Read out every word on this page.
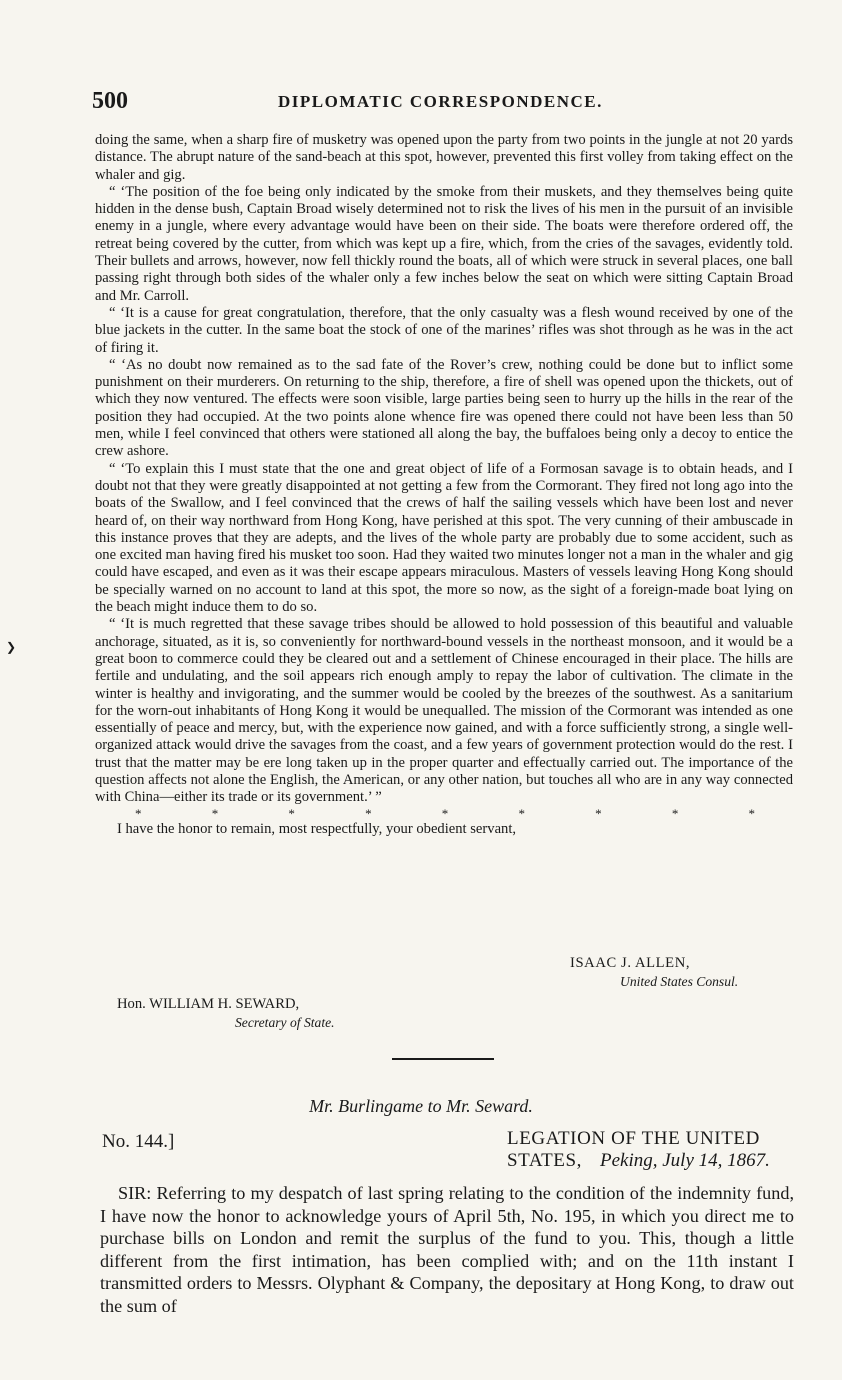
500	DIPLOMATIC CORRESPONDENCE.
❯

doing the same, when a sharp fire of musketry was opened upon the party from two points in the jungle at not 20 yards distance. The abrupt nature of the sand-beach at this spot, however, prevented this first volley from taking effect on the whaler and gig.

“ ‘The position of the foe being only indicated by the smoke from their muskets, and they themselves being quite hidden in the dense bush, Captain Broad wisely determined not to risk the lives of his men in the pursuit of an invisible enemy in a jungle, where every advantage would have been on their side. The boats were therefore ordered off, the retreat being covered by the cutter, from which was kept up a fire, which, from the cries of the savages, evidently told. Their bullets and arrows, however, now fell thickly round the boats, all of which were struck in several places, one ball passing right through both sides of the whaler only a few inches below the seat on which were sitting Captain Broad and Mr. Carroll.

“ ‘It is a cause for great congratulation, therefore, that the only casualty was a flesh wound received by one of the blue jackets in the cutter. In the same boat the stock of one of the marines’ rifles was shot through as he was in the act of firing it.

“ ‘As no doubt now remained as to the sad fate of the Rover’s crew, nothing could be done but to inflict some punishment on their murderers. On returning to the ship, therefore, a fire of shell was opened upon the thickets, out of which they now ventured. The effects were soon visible, large parties being seen to hurry up the hills in the rear of the position they had occupied. At the two points alone whence fire was opened there could not have been less than 50 men, while I feel convinced that others were stationed all along the bay, the buffaloes being only a decoy to entice the crew ashore.

“ ‘To explain this I must state that the one and great object of life of a Formosan savage is to obtain heads, and I doubt not that they were greatly disappointed at not getting a few from the Cormorant. They fired not long ago into the boats of the Swallow, and I feel convinced that the crews of half the sailing vessels which have been lost and never heard of, on their way northward from Hong Kong, have perished at this spot. The very cunning of their ambuscade in this instance proves that they are adepts, and the lives of the whole party are probably due to some accident, such as one excited man having fired his musket too soon. Had they waited two minutes longer not a man in the whaler and gig could have escaped, and even as it was their escape appears miraculous. Masters of vessels leaving Hong Kong should be specially warned on no account to land at this spot, the more so now, as the sight of a foreign-made boat lying on the beach might induce them to do so.

“ ‘It is much regretted that these savage tribes should be allowed to hold possession of this beautiful and valuable anchorage, situated, as it is, so conveniently for northward-bound vessels in the northeast monsoon, and it would be a great boon to commerce could they be cleared out and a settlement of Chinese encouraged in their place. The hills are fertile and undulating, and the soil appears rich enough amply to repay the labor of cultivation. The climate in the winter is healthy and invigorating, and the summer would be cooled by the breezes of the southwest. As a sanitarium for the worn-out inhabitants of Hong Kong it would be unequalled. The mission of the Cormorant was intended as one essentially of peace and mercy, but, with the experience now gained, and with a force sufficiently strong, a single well-organized attack would drive the savages from the coast, and a few years of government protection would do the rest. I trust that the matter may be ere long taken up in the proper quarter and effectually carried out. The importance of the question affects not alone the English, the American, or any other nation, but touches all who are in any way connected with China—either its trade or its government.’ ”

*	*	*	*	*	*	*	*	*

I have the honor to remain, most respectfully, your obedient servant,

ISAAC J. ALLEN,
United States Consul.
Hon. WILLIAM H. SEWARD,
Secretary of State.
Mr. Burlingame to Mr. Seward.
No. 144.]	LEGATION OF THE UNITED STATES, Peking, July 14, 1867.

SIR: Referring to my despatch of last spring relating to the condition of the indemnity fund, I have now the honor to acknowledge yours of April 5th, No. 195, in which you direct me to purchase bills on London and remit the surplus of the fund to you. This, though a little different from the first intimation, has been complied with; and on the 11th instant I transmitted orders to Messrs. Olyphant & Company, the depositary at Hong Kong, to draw out the sum of
